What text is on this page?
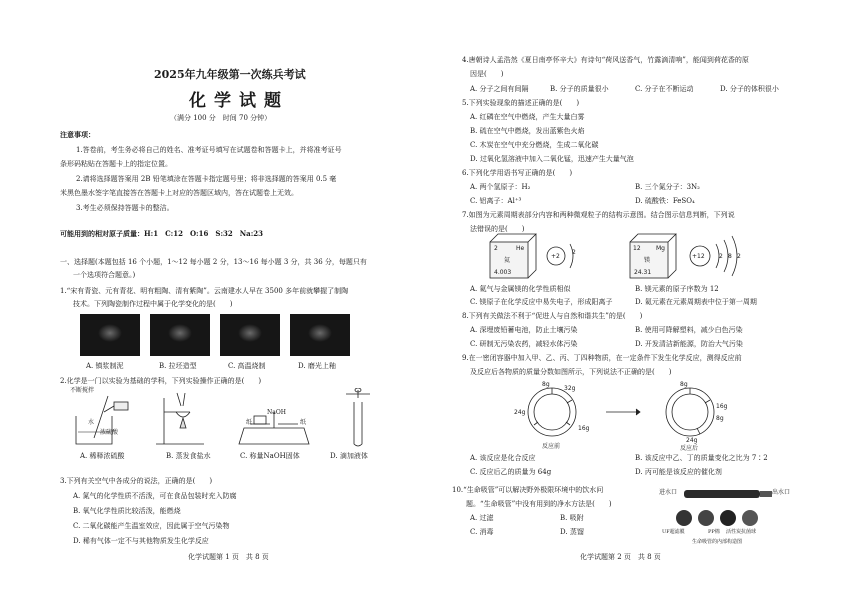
2025年九年级第一次练兵考试
化学试题
（满分 100 分　时间 70 分钟）
注意事项：
1.答卷前，考生务必将自己的姓名、准考证号填写在试题卷和答题卡上，并将准考证号
条形码粘贴在答题卡上的指定位置。
2.请将选择题答案用 2B 铅笔填涂在答题卡指定题号里；将非选择题的答案用 0.5 毫
米黑色墨水签字笔直接答在答题卡上对应的答题区域内，答在试题卷上无效。
3.考生必须保持答题卡的整洁。
可能用到的相对原子质量：H:1　C:12　O:16　S:32　Na:23
一、选择题(本题包括 16 个小题，1～12 每小题 2 分，13～16 每小题 3 分，共 36 分，每题只有
一个选项符合题意。)
1.“宋有青瓷、元有青花、明有粗陶、清有紫陶”。云南建水人早在 3500 多年前就攀握了制陶
技术。下列陶瓷制作过程中属于化学变化的是(　　)
A. 镇浆制泥	B. 拉坯造型	C. 高温烧制	D. 磨光上釉
2.化学是一门以实验为基础的学科，下列实验操作正确的是(　　)
不断搅拌
水
浓硫酸
NaOH
纸	纸
A. 稀释浓硫酸	B. 蒸发食盐水	C. 称量NaOH固体	D. 滴加液体
3.下列有关空气中各成分的说法，正确的是(　　)
A. 氮气的化学性质不活泼，可在食品包装时充入防腐
B. 氧气化学性质比较活泼，能燃烧
C. 二氧化碳能产生温室效应，因此属于空气污染物
D. 稀有气体一定不与其他物质发生化学反应
化学试题第 1 页　共 8 页
4.唐朝诗人孟浩然《夏日南亭怀辛大》有诗句“荷风送香气，竹露滴清响”，能闻到荷花香的原
因是(　　)
A. 分子之间有间隔	B. 分子的质量很小	C. 分子在不断运动	D. 分子的体积很小
5.下列实验现象的描述正确的是(　　)
A. 红磷在空气中燃烧，产生大量白雾
B. 硫在空气中燃烧，发出蓝紫色火焰
C. 木炭在空气中充分燃烧，生成二氧化碳
D. 过氧化氢溶液中加入二氧化锰，迅速产生大量气泡
6.下列化学用语书写正确的是(　　)
A. 两个氢原子：H₂	B. 三个氮分子：3N₂
C. 铝离子：Al⁺³	D. 硫酸铁：FeSO₄
7.如图为元素周期表部分内容和两种微观粒子的结构示意图。结合图示信息判断，下列说
法错误的是(　　)
2	He
氦
4.003
+2
2
12	Mg
镁
24.31
+12 2 8 2
A. 氦气与金属镁的化学性质相似	B. 镁元素的原子序数为 12
C. 镁原子在化学反应中易失电子，形成阳离子	D. 氦元素在元素周期表中位于第一周期
8.下列有关做法不利于“促进人与自然和谐共生”的是(　　)
A. 深埋废铅蓄电池，防止土壤污染	B. 使用可降解塑料，减少白色污染
C. 研制无污染农药，减轻水体污染	D. 开发清洁新能源，防治大气污染
9.在一密闭容器中加入甲、乙、丙、丁四种物质，在一定条件下发生化学反应，测得反应前
及反应后各物质的质量分数如图所示，下列说法不正确的是(　　)
8g
32g
24g
16g
反应前
8g
16g
8g
24g
反应后
A. 该反应是化合反应	B. 该反应中乙、丁的质量变化之比为 7∶2
C. 反应后乙的质量为 64g	D. 丙可能是该反应的催化剂
10.“生命吸管”可以解决野外极限环境中的饮水问
题。“生命吸管”中没有用到的净水方法是(　　)
A. 过滤	B. 吸附
C. 消毒	D. 蒸馏
进水口	出水口
UF超滤膜	PP棉 活性炭抗菌球
生命吸管的内部构造图
化学试题第 2 页　共 8 页
